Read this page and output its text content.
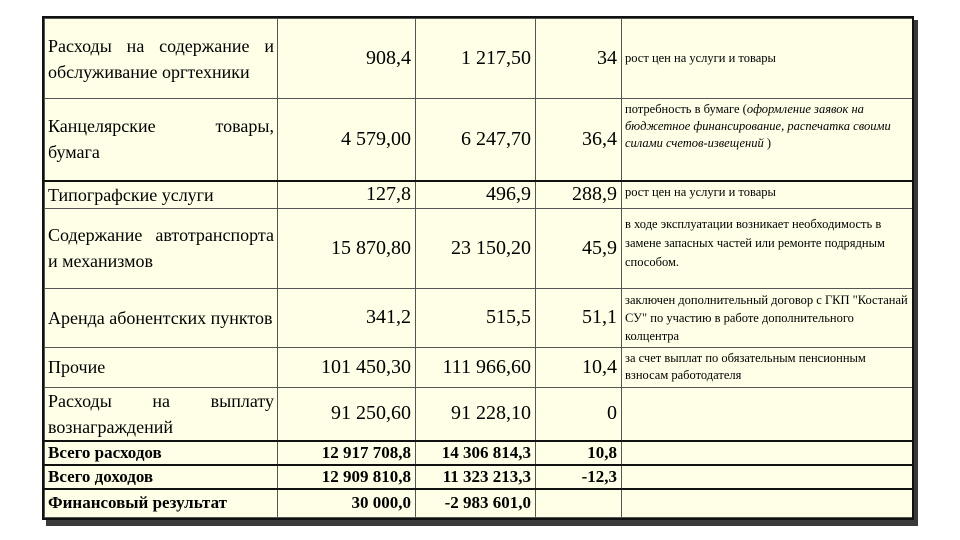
Расходы на содержание и обслуживание оргтехники	908,4	1 217,50	34	рост цен на услуги и товары
Канцелярские товары, бумага	4 579,00	6 247,70	36,4	потребность в бумаге (оформление заявок на бюджетное финансирование, распечатка своими силами счетов-извещений )
Типографские услуги	127,8	496,9	288,9	рост цен на услуги и товары
Содержание автотранспорта и механизмов	15 870,80	23 150,20	45,9	в ходе эксплуатации возникает необходимость в замене запасных частей или ремонте подрядным способом.
Аренда абонентских пунктов	341,2	515,5	51,1	заключен дополнительный договор с ГКП "Костанай СУ" по участию в работе дополнительного колцентра
Прочие	101 450,30	111 966,60	10,4	за счет выплат по обязательным пенсионным взносам работодателя
Расходы на выплату вознаграждений	91 250,60	91 228,10	0	
Всего расходов	12 917 708,8	14 306 814,3	10,8	
Всего доходов	12 909 810,8	11 323 213,3	-12,3	
Финансовый результат	30 000,0	-2 983 601,0		
